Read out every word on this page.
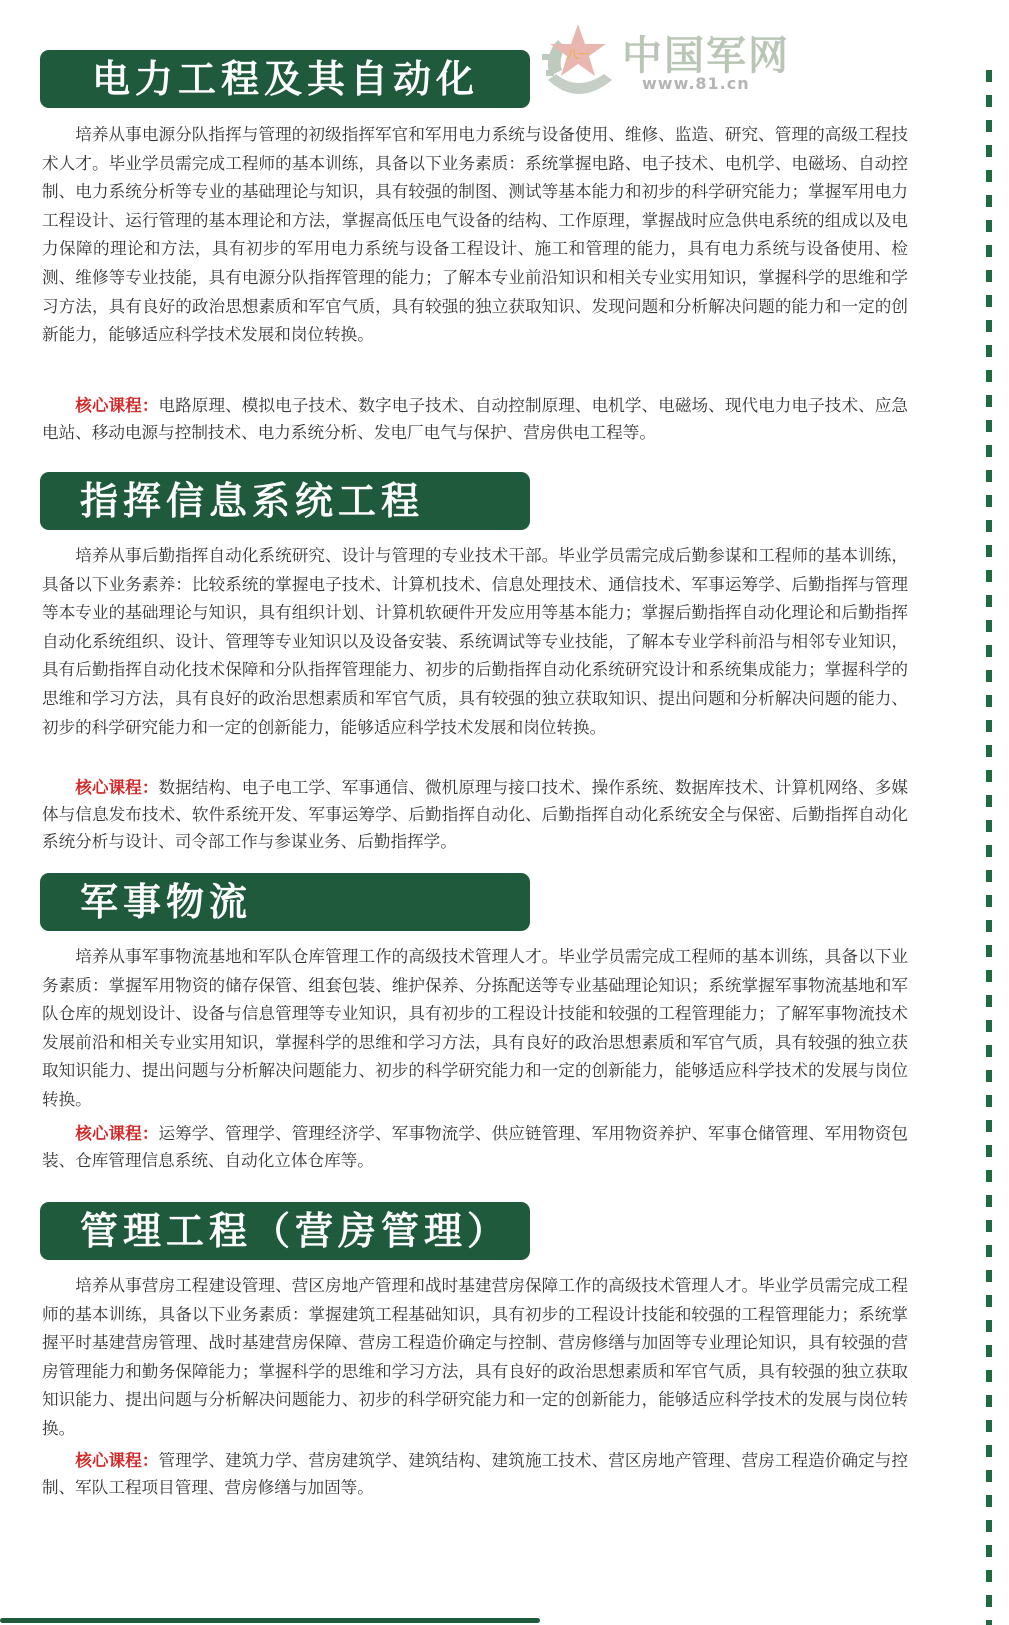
八一 中国军网
www.81.cn
电力工程及其自动化

培养从事电源分队指挥与管理的初级指挥军官和军用电力系统与设备使用、维修、监造、研究、管理的高级工程技术人才。毕业学员需完成工程师的基本训练，具备以下业务素质：系统掌握电路、电子技术、电机学、电磁场、自动控制、电力系统分析等专业的基础理论与知识，具有较强的制图、测试等基本能力和初步的科学研究能力；掌握军用电力工程设计、运行管理的基本理论和方法，掌握高低压电气设备的结构、工作原理，掌握战时应急供电系统的组成以及电力保障的理论和方法，具有初步的军用电力系统与设备工程设计、施工和管理的能力，具有电力系统与设备使用、检测、维修等专业技能，具有电源分队指挥管理的能力；了解本专业前沿知识和相关专业实用知识，掌握科学的思维和学习方法，具有良好的政治思想素质和军官气质，具有较强的独立获取知识、发现问题和分析解决问题的能力和一定的创新能力，能够适应科学技术发展和岗位转换。

核心课程：电路原理、模拟电子技术、数字电子技术、自动控制原理、电机学、电磁场、现代电力电子技术、应急电站、移动电源与控制技术、电力系统分析、发电厂电气与保护、营房供电工程等。

指挥信息系统工程

培养从事后勤指挥自动化系统研究、设计与管理的专业技术干部。毕业学员需完成后勤参谋和工程师的基本训练，具备以下业务素养：比较系统的掌握电子技术、计算机技术、信息处理技术、通信技术、军事运筹学、后勤指挥与管理等本专业的基础理论与知识，具有组织计划、计算机软硬件开发应用等基本能力；掌握后勤指挥自动化理论和后勤指挥自动化系统组织、设计、管理等专业知识以及设备安装、系统调试等专业技能，了解本专业学科前沿与相邻专业知识，具有后勤指挥自动化技术保障和分队指挥管理能力、初步的后勤指挥自动化系统研究设计和系统集成能力；掌握科学的思维和学习方法，具有良好的政治思想素质和军官气质，具有较强的独立获取知识、提出问题和分析解决问题的能力、初步的科学研究能力和一定的创新能力，能够适应科学技术发展和岗位转换。

核心课程：数据结构、电子电工学、军事通信、微机原理与接口技术、操作系统、数据库技术、计算机网络、多媒体与信息发布技术、软件系统开发、军事运筹学、后勤指挥自动化、后勤指挥自动化系统安全与保密、后勤指挥自动化系统分析与设计、司令部工作与参谋业务、后勤指挥学。

军事物流

培养从事军事物流基地和军队仓库管理工作的高级技术管理人才。毕业学员需完成工程师的基本训练，具备以下业务素质：掌握军用物资的储存保管、组套包装、维护保养、分拣配送等专业基础理论知识；系统掌握军事物流基地和军队仓库的规划设计、设备与信息管理等专业知识，具有初步的工程设计技能和较强的工程管理能力；了解军事物流技术发展前沿和相关专业实用知识，掌握科学的思维和学习方法，具有良好的政治思想素质和军官气质，具有较强的独立获取知识能力、提出问题与分析解决问题能力、初步的科学研究能力和一定的创新能力，能够适应科学技术的发展与岗位转换。

核心课程：运筹学、管理学、管理经济学、军事物流学、供应链管理、军用物资养护、军事仓储管理、军用物资包装、仓库管理信息系统、自动化立体仓库等。

管理工程（营房管理）

培养从事营房工程建设管理、营区房地产管理和战时基建营房保障工作的高级技术管理人才。毕业学员需完成工程师的基本训练，具备以下业务素质：掌握建筑工程基础知识，具有初步的工程设计技能和较强的工程管理能力；系统掌握平时基建营房管理、战时基建营房保障、营房工程造价确定与控制、营房修缮与加固等专业理论知识，具有较强的营房管理能力和勤务保障能力；掌握科学的思维和学习方法，具有良好的政治思想素质和军官气质，具有较强的独立获取知识能力、提出问题与分析解决问题能力、初步的科学研究能力和一定的创新能力，能够适应科学技术的发展与岗位转换。

核心课程：管理学、建筑力学、营房建筑学、建筑结构、建筑施工技术、营区房地产管理、营房工程造价确定与控制、军队工程项目管理、营房修缮与加固等。
